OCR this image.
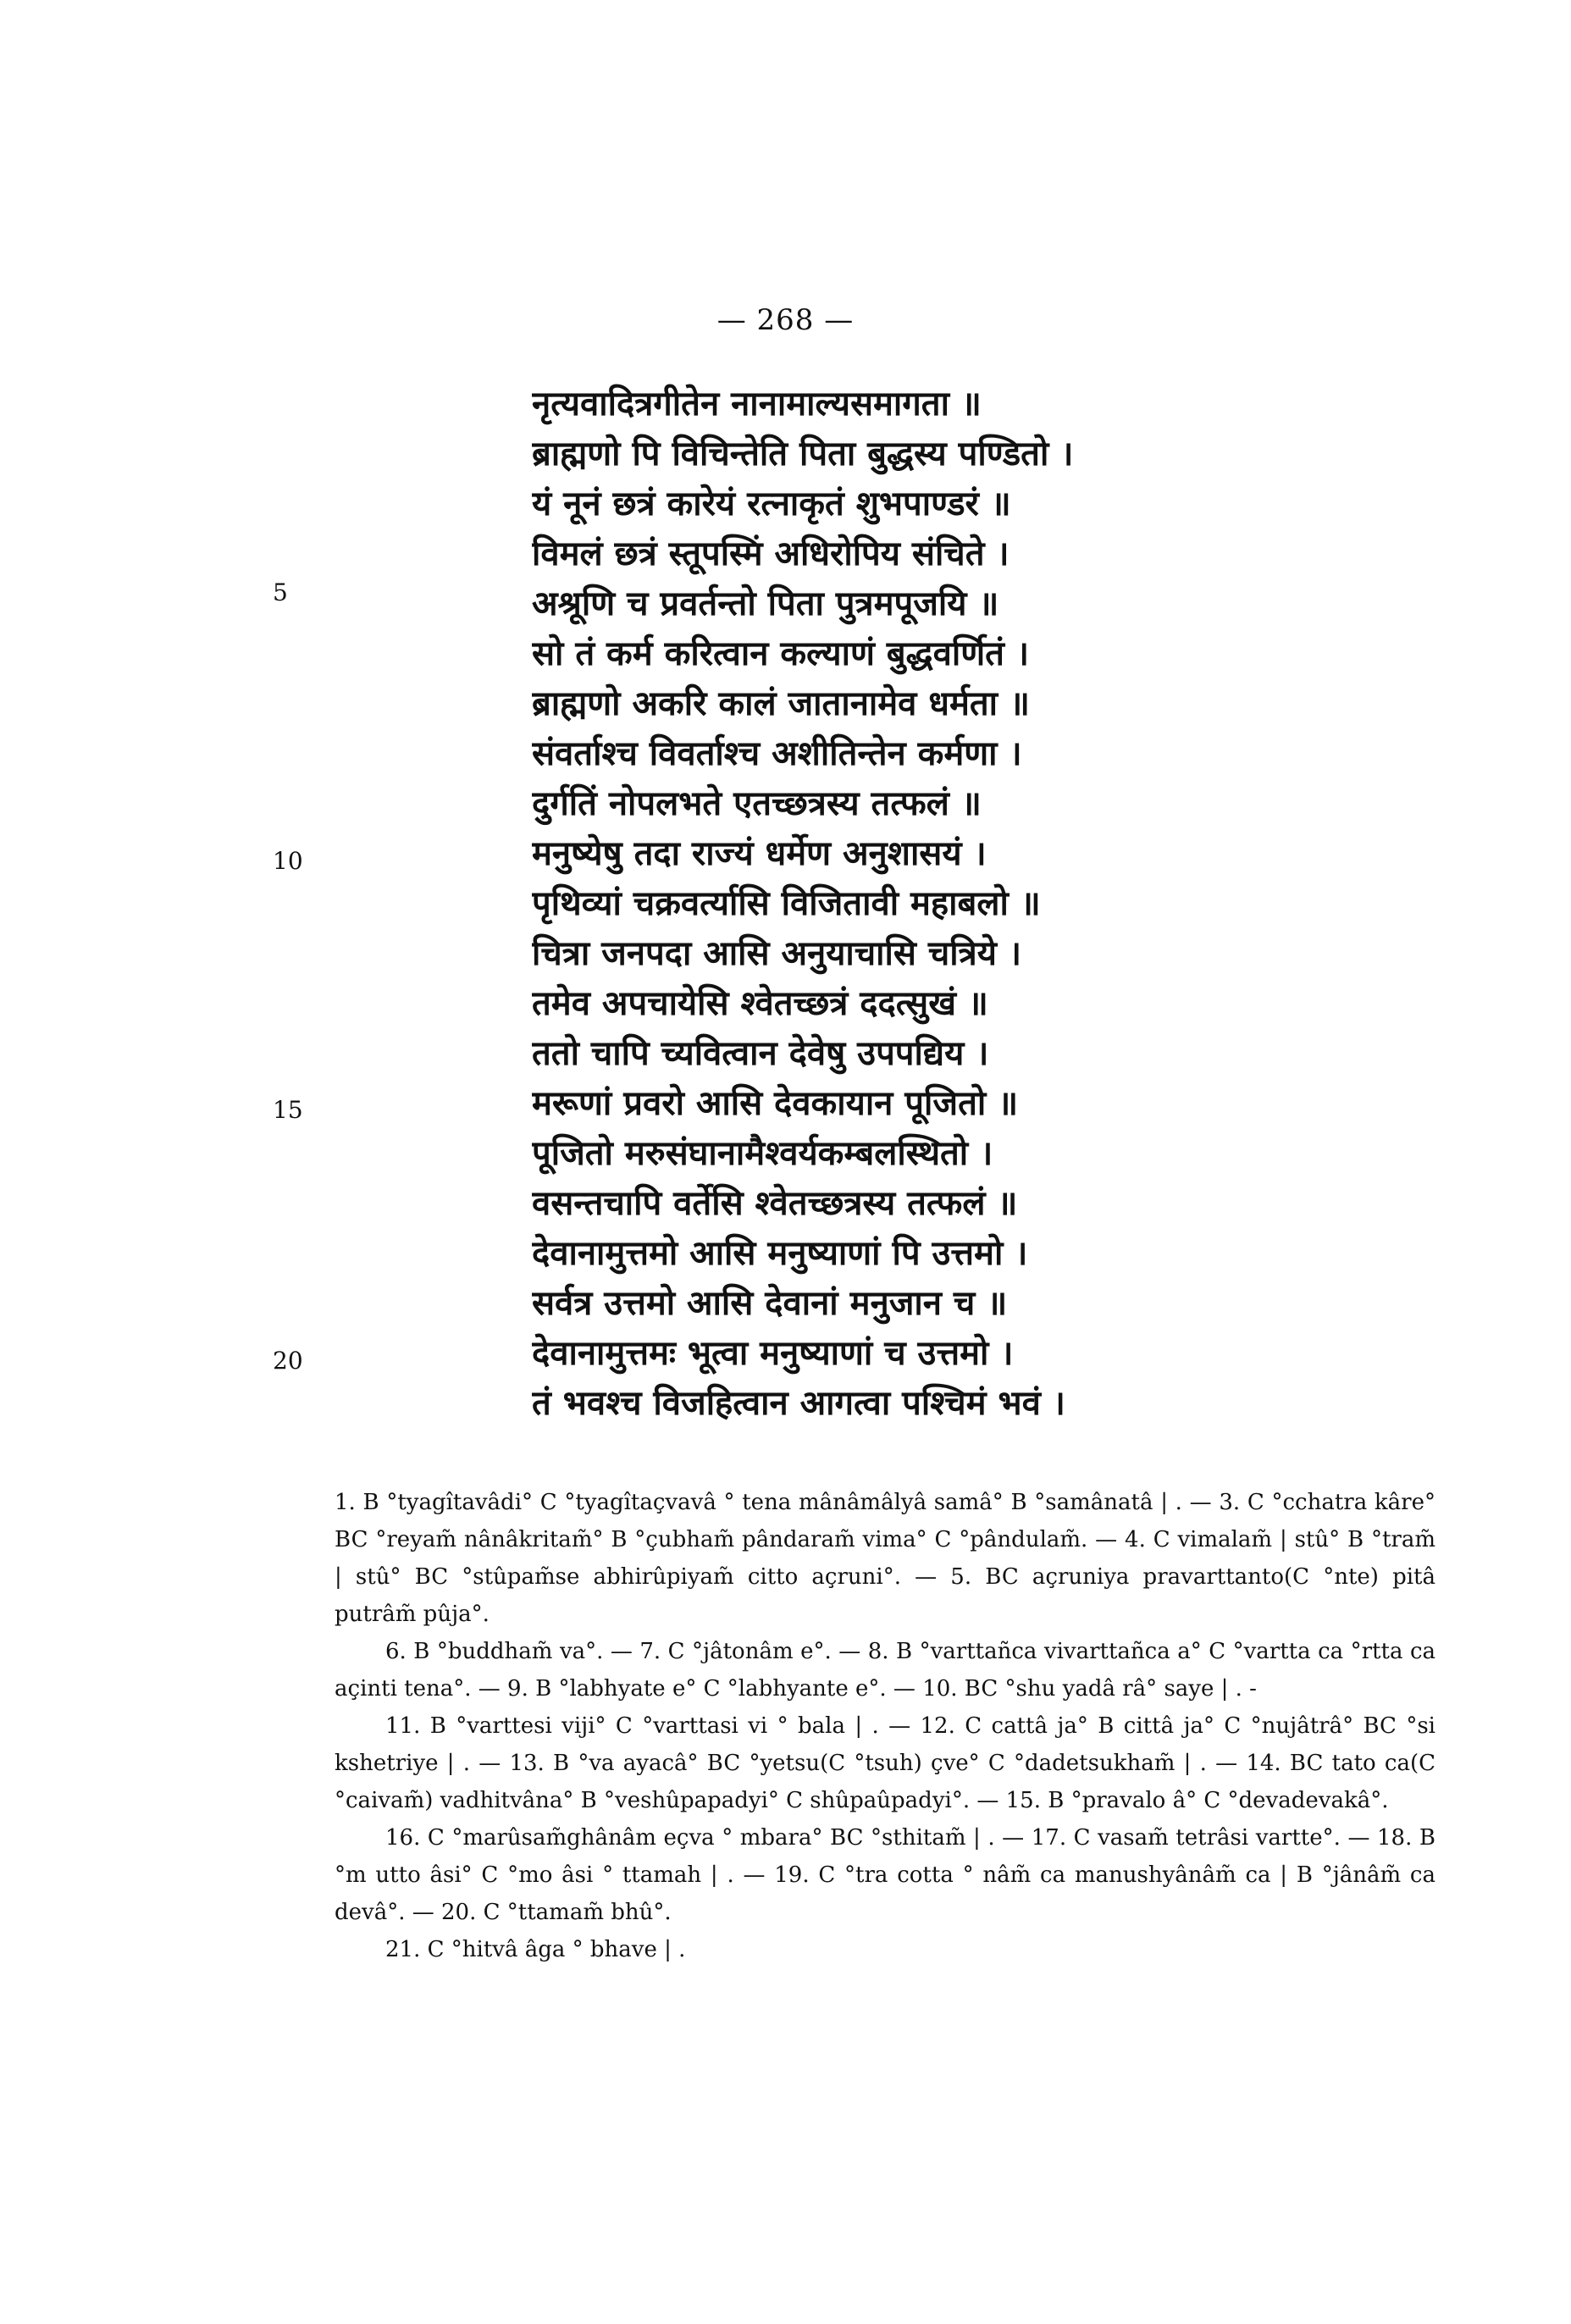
— 268 —
5
10
15
20
नृत्यवादित्रगीतेन नानामाल्यसमागता ॥
ब्राह्मणो पि विचिन्तेति पिता बुद्धस्य पण्डितो ।
यं नूनं छत्रं कारेयं रत्नाकृतं शुभपाण्डरं ॥
विमलं छत्रं स्तूपस्मिं अधिरोपिय संचिते ।
अश्रूणि च प्रवर्तन्तो पिता पुत्रमपूजयि ॥
सो तं कर्म करित्वान कल्याणं बुद्धवर्णितं ।
ब्राह्मणो अकरि कालं जातानामेव धर्मता ॥
संवर्ताश्च विवर्ताश्च अशीतिन्तेन कर्मणा ।
दुर्गतिं नोपलभते एतच्छत्रस्य तत्फलं ॥
मनुष्येषु तदा राज्यं धर्मेण अनुशासयं ।
पृथिव्यां चक्रवर्त्यासि विजितावी महाबलो ॥
चित्रा जनपदा आसि अनुयाचासि चत्रिये ।
तमेव अपचायेसि श्वेतच्छत्रं ददत्सुखं ॥
ततो चापि च्यवित्वान देवेषु उपपद्यिय ।
मरूणां प्रवरो आसि देवकायान पूजितो ॥
पूजितो मरुसंघानामैश्वर्यकम्बलस्थितो ।
वसन्तचापि वर्तेसि श्वेतच्छत्रस्य तत्फलं ॥
देवानामुत्तमो आसि मनुष्याणां पि उत्तमो ।
सर्वत्र उत्तमो आसि देवानां मनुजान च ॥
देवानामुत्तमः भूत्वा मनुष्याणां च उत्तमो ।
तं भवश्च विजहित्वान आगत्वा पश्चिमं भवं ।
1. B °tyagîtavâdi° C °tyagîtaçvavâ ° tena mânâmâlyâ samâ° B °samânatâ | . — 3. C °cchatra kâre° BC °reyam̃ nânâkritam̃° B °çubham̃ pândaram̃ vima° C °pândulam̃. — 4. C vimalam̃ | stû° B °tram̃ | stû° BC °stûpam̃se abhirûpiyam̃ citto açruni°. — 5. BC açruniya pravarttanto(C °nte) pitâ putrâm̃ pûja°.
6. B °buddham̃ va°. — 7. C °jâtonâm e°. — 8. B °varttañca vivarttañca a° C °vartta ca °rtta ca açinti tena°. — 9. B °labhyate e° C °labhyante e°. — 10. BC °shu yadâ râ° saye | . -
11. B °varttesi viji° C °varttasi vi ° bala | . — 12. C cattâ ja° B cittâ ja° C °nujâtrâ° BC °si kshetriye | . — 13. B °va ayacâ° BC °yetsu(C °tsuh) çve° C °dadetsukham̃ | . — 14. BC tato ca(C °caivam̃) vadhitvâna° B °veshûpapadyi° C shûpaûpadyi°. — 15. B °pravalo â° C °devadevakâ°.
16. C °marûsam̃ghânâm eçva ° mbara° BC °sthitam̃ | . — 17. C vasam̃ tetrâsi vartte°. — 18. B °m utto âsi° C °mo âsi ° ttamah | . — 19. C °tra cotta ° nâm̃ ca manushyânâm̃ ca | B °jânâm̃ ca devâ°. — 20. C °ttamam̃ bhû°.
21. C °hitvâ âga ° bhave | .
